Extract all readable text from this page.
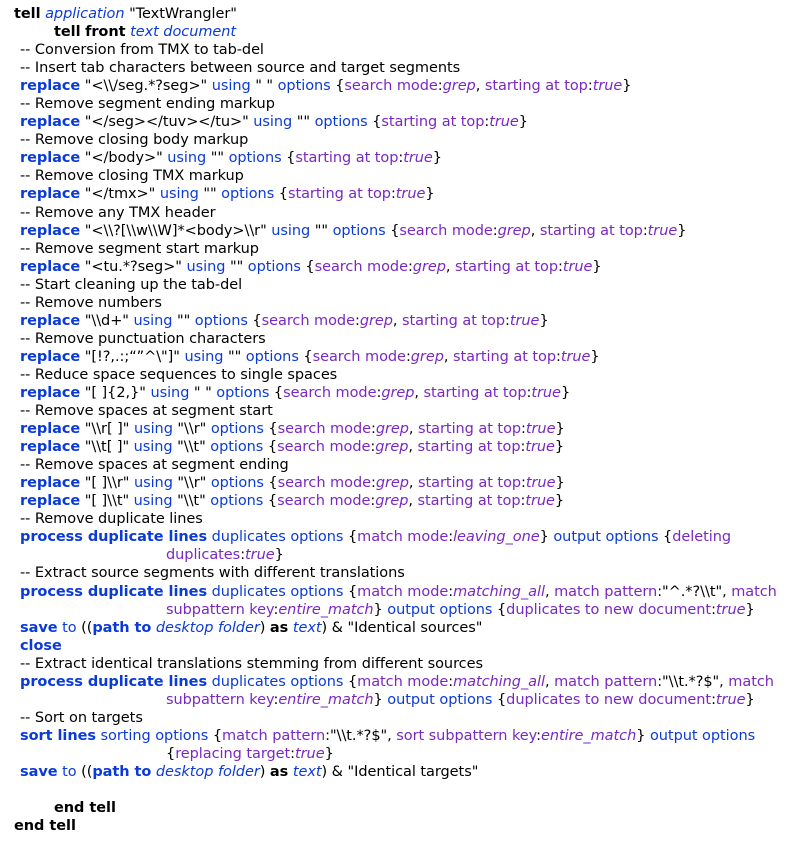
tell application "TextWrangler"
tell front text document
-- Conversion from TMX to tab-del
-- Insert tab characters between source and target segments
replace "<\\/seg.*?seg>" using " " options {search mode:grep, starting at top:true}
-- Remove segment ending markup
replace "</seg></tuv></tu>" using "" options {starting at top:true}
-- Remove closing body markup
replace "</body>" using "" options {starting at top:true}
-- Remove closing TMX markup
replace "</tmx>" using "" options {starting at top:true}
-- Remove any TMX header
replace "<\\?[\\w\\W]*<body>\\r" using "" options {search mode:grep, starting at top:true}
-- Remove segment start markup
replace "<tu.*?seg>" using "" options {search mode:grep, starting at top:true}
-- Start cleaning up the tab-del
-- Remove numbers
replace "\\d+" using "" options {search mode:grep, starting at top:true}
-- Remove punctuation characters
replace "[!?,.:;“”^\"]" using "" options {search mode:grep, starting at top:true}
-- Reduce space sequences to single spaces
replace "[ ]{2,}" using " " options {search mode:grep, starting at top:true}
-- Remove spaces at segment start
replace "\\r[ ]" using "\\r" options {search mode:grep, starting at top:true}
replace "\\t[ ]" using "\\t" options {search mode:grep, starting at top:true}
-- Remove spaces at segment ending
replace "[ ]\\r" using "\\r" options {search mode:grep, starting at top:true}
replace "[ ]\\t" using "\\t" options {search mode:grep, starting at top:true}
-- Remove duplicate lines
process duplicate lines duplicates options {match mode:leaving_one} output options {deleting
duplicates:true}
-- Extract source segments with different translations
process duplicate lines duplicates options {match mode:matching_all, match pattern:"^.*?\\t", match
subpattern key:entire_match} output options {duplicates to new document:true}
save to ((path to desktop folder) as text) & "Identical sources"
close
-- Extract identical translations stemming from different sources
process duplicate lines duplicates options {match mode:matching_all, match pattern:"\\t.*?$", match
subpattern key:entire_match} output options {duplicates to new document:true}
-- Sort on targets
sort lines sorting options {match pattern:"\\t.*?$", sort subpattern key:entire_match} output options
{replacing target:true}
save to ((path to desktop folder) as text) & "Identical targets"
end tell
end tell
